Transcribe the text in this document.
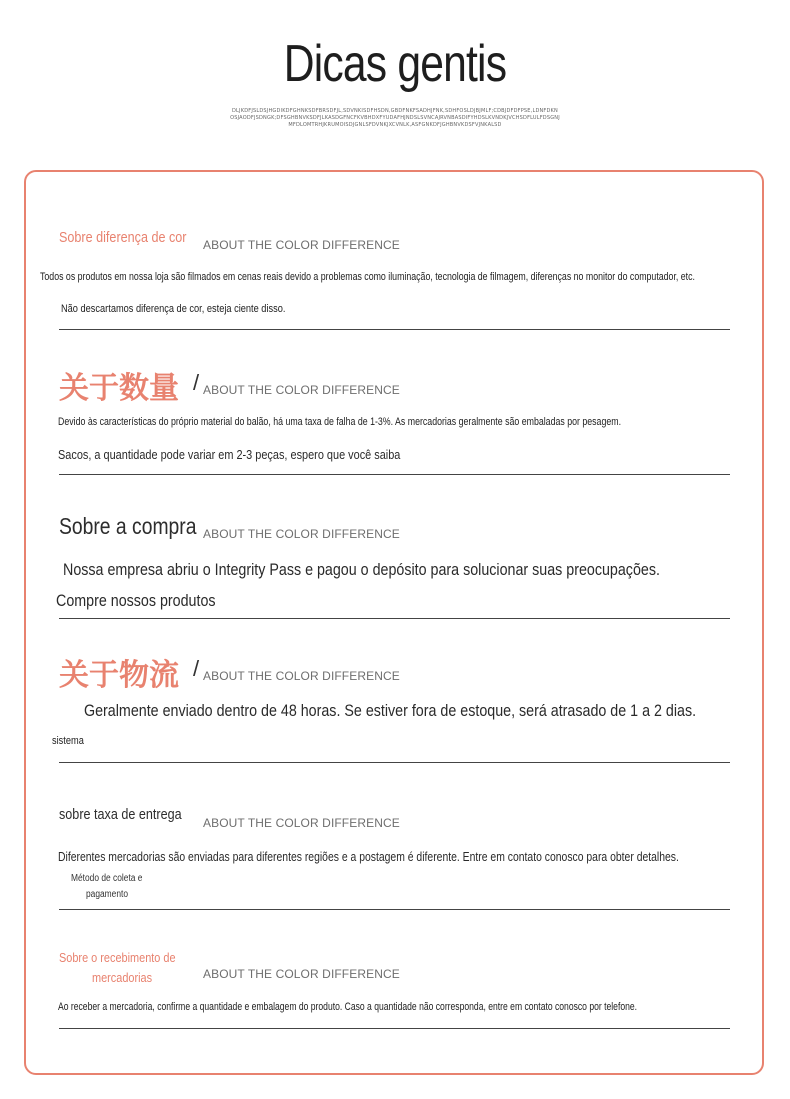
Dicas gentis
DLJKDFJSLDSJHGDIKDFGHNKSDFBRSDFJL,SDVNKISDFHSDN,GBDFNKFSADHJFNK,SDHFOSLDJBJMLF;CDBJDFDFPSE,LDNFDKNOSJAODFJSDNGK;DFSGHBNVKSDFJLKASDGFNCFKVBHDXFYUDAFHJNDSLSVNCAJRVNBASDIFYHDSLKVNDKJVCHSDFLULFDSGNJMFDLOMTRHJKRUMOISDJGNLSFDVNKJXCVNLK,ASFGNKDFJGHBNVKDSFVJNKALSD
Sobre diferença de cor	ABOUT THE COLOR DIFFERENCE
Todos os produtos em nossa loja são filmados em cenas reais devido a problemas como iluminação, tecnologia de filmagem, diferenças no monitor do computador, etc.
Não descartamos diferença de cor, esteja ciente disso.
关于数量 / ABOUT THE COLOR DIFFERENCE
Devido às características do próprio material do balão, há uma taxa de falha de 1-3%. As mercadorias geralmente são embaladas por pesagem.
Sacos, a quantidade pode variar em 2-3 peças, espero que você saiba
Sobre a compra ABOUT THE COLOR DIFFERENCE
Nossa empresa abriu o Integrity Pass e pagou o depósito para solucionar suas preocupações.
Compre nossos produtos
关于物流 / ABOUT THE COLOR DIFFERENCE
Geralmente enviado dentro de 48 horas. Se estiver fora de estoque, será atrasado de 1 a 2 dias.
sistema
sobre taxa de entrega	ABOUT THE COLOR DIFFERENCE
Diferentes mercadorias são enviadas para diferentes regiões e a postagem é diferente. Entre em contato conosco para obter detalhes.
Método de coleta e
pagamento
Sobre o recebimento de
mercadorias	ABOUT THE COLOR DIFFERENCE
Ao receber a mercadoria, confirme a quantidade e embalagem do produto. Caso a quantidade não corresponda, entre em contato conosco por telefone.
